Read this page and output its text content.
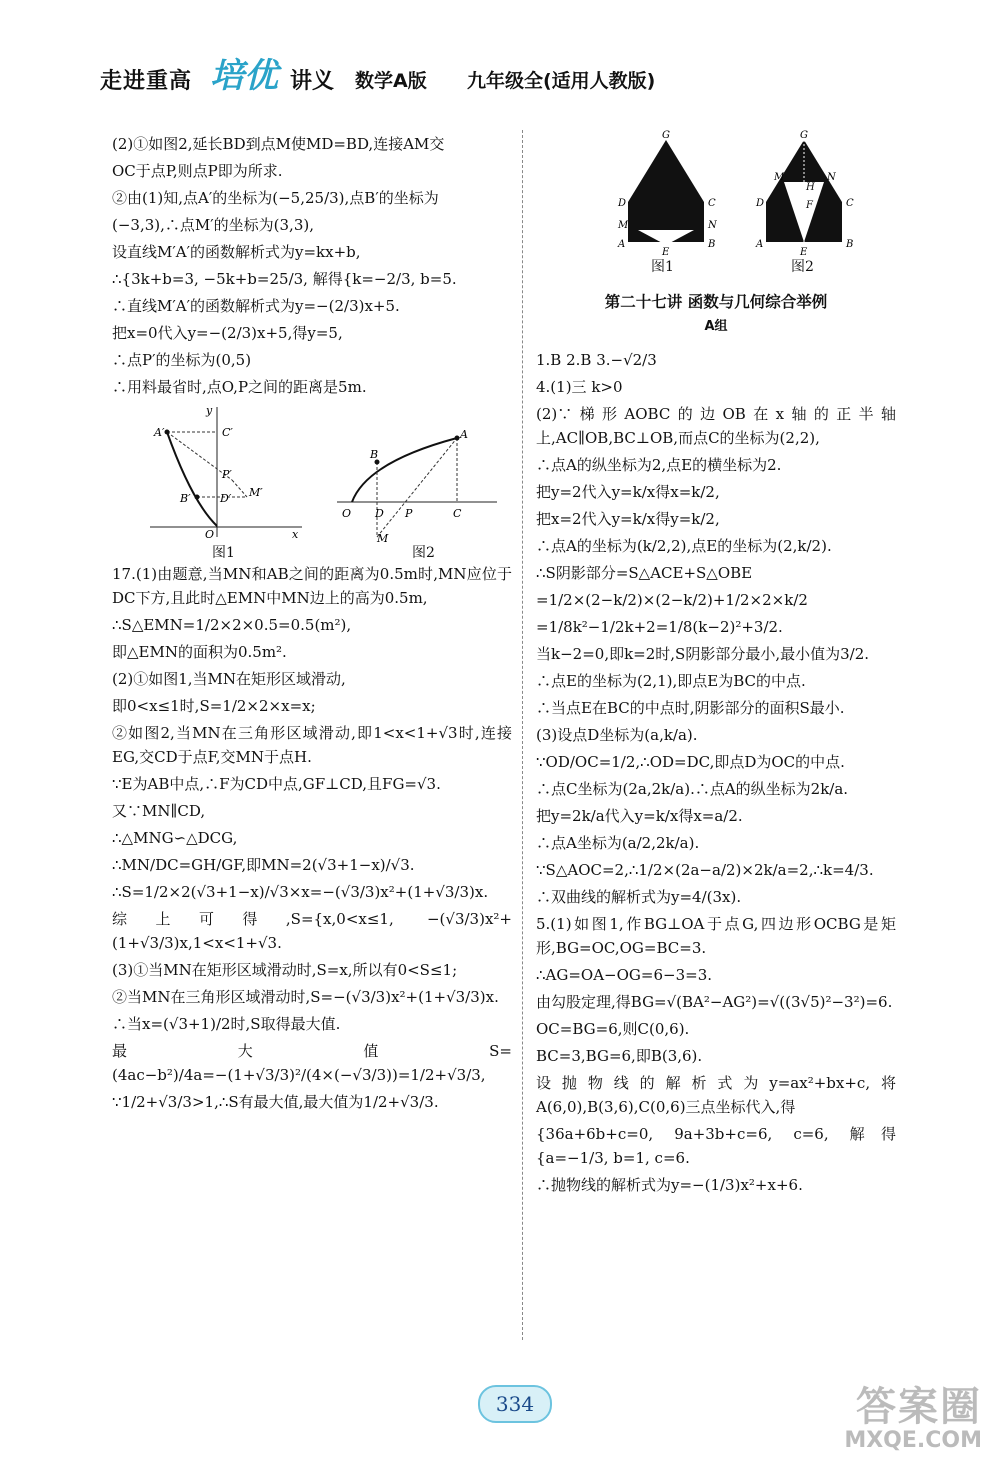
走进重高 培优 讲义 数学A版 九年级全(适用人教版)

(2)①如图2,延长BD到点M使MD=BD,连接AM交

OC于点P,则点P即为所求.

②由(1)知,点A′的坐标为(−5,25/3),点B′的坐标为

(−3,3),∴点M′的坐标为(3,3),

设直线M′A′的函数解析式为y=kx+b,

∴{3k+b=3, −5k+b=25/3, 解得{k=−2/3, b=5.

∴直线M′A′的函数解析式为y=−(2/3)x+5.

把x=0代入y=−(2/3)x+5,得y=5,

∴点P′的坐标为(0,5)

∴用料最省时,点O,P之间的距离是5m.

A′
B′
C′
P′
D′ M′
O	x
y
O
B
A
D P	C
M
图1	图2

17.(1)由题意,当MN和AB之间的距离为0.5m时,MN应位于DC下方,且此时△EMN中MN边上的高为0.5m,

∴S△EMN=1/2×2×0.5=0.5(m²),

即△EMN的面积为0.5m².

(2)①如图1,当MN在矩形区域滑动,

即0<x≤1时,S=1/2×2×x=x;

②如图2,当MN在三角形区域滑动,即1<x<1+√3时,连接EG,交CD于点F,交MN于点H.

∵E为AB中点,∴F为CD中点,GF⊥CD,且FG=√3.

又∵MN∥CD,

∴△MNG∽△DCG,

∴MN/DC=GH/GF,即MN=2(√3+1−x)/√3.

∴S=1/2×2(√3+1−x)/√3×x=−(√3/3)x²+(1+√3/3)x.

综上可得,S={x,0<x≤1, −(√3/3)x²+(1+√3/3)x,1<x<1+√3.

(3)①当MN在矩形区域滑动时,S=x,所以有0<S≤1;

②当MN在三角形区域滑动时,S=−(√3/3)x²+(1+√3/3)x.

∴当x=(√3+1)/2时,S取得最大值.

最大值S=(4ac−b²)/4a=−(1+√3/3)²/(4×(−√3/3))=1/2+√3/3,

∵1/2+√3/3>1,∴S有最大值,最大值为1/2+√3/3.

G
D	C
M	N
A	B
E
G
M	N
H
F
D	C
A	B
E
图1	图2
第二十七讲 函数与几何综合举例
A组

1.B 2.B 3.−√2/3

4.(1)三 k>0

(2)∵梯形AOBC的边OB在x轴的正半轴上,AC∥OB,BC⊥OB,而点C的坐标为(2,2),

∴点A的纵坐标为2,点E的横坐标为2.

把y=2代入y=k/x得x=k/2,

把x=2代入y=k/x得y=k/2,

∴点A的坐标为(k/2,2),点E的坐标为(2,k/2).

∴S阴影部分=S△ACE+S△OBE

=1/2×(2−k/2)×(2−k/2)+1/2×2×k/2

=1/8k²−1/2k+2=1/8(k−2)²+3/2.

当k−2=0,即k=2时,S阴影部分最小,最小值为3/2.

∴点E的坐标为(2,1),即点E为BC的中点.

∴当点E在BC的中点时,阴影部分的面积S最小.

(3)设点D坐标为(a,k/a).

∵OD/OC=1/2,∴OD=DC,即点D为OC的中点.

∴点C坐标为(2a,2k/a).∴点A的纵坐标为2k/a.

把y=2k/a代入y=k/x得x=a/2.

∴点A坐标为(a/2,2k/a).

∵S△AOC=2,∴1/2×(2a−a/2)×2k/a=2,∴k=4/3.

∴双曲线的解析式为y=4/(3x).

5.(1)如图1,作BG⊥OA于点G,四边形OCBG是矩形,BG=OC,OG=BC=3.

∴AG=OA−OG=6−3=3.

由勾股定理,得BG=√(BA²−AG²)=√((3√5)²−3²)=6.

OC=BG=6,则C(0,6).

BC=3,BG=6,即B(3,6).

设抛物线的解析式为y=ax²+bx+c,将A(6,0),B(3,6),C(0,6)三点坐标代入,得

{36a+6b+c=0, 9a+3b+c=6, c=6, 解得{a=−1/3, b=1, c=6.

∴抛物线的解析式为y=−(1/3)x²+x+6.

334	答案圈
MXQE.COM
